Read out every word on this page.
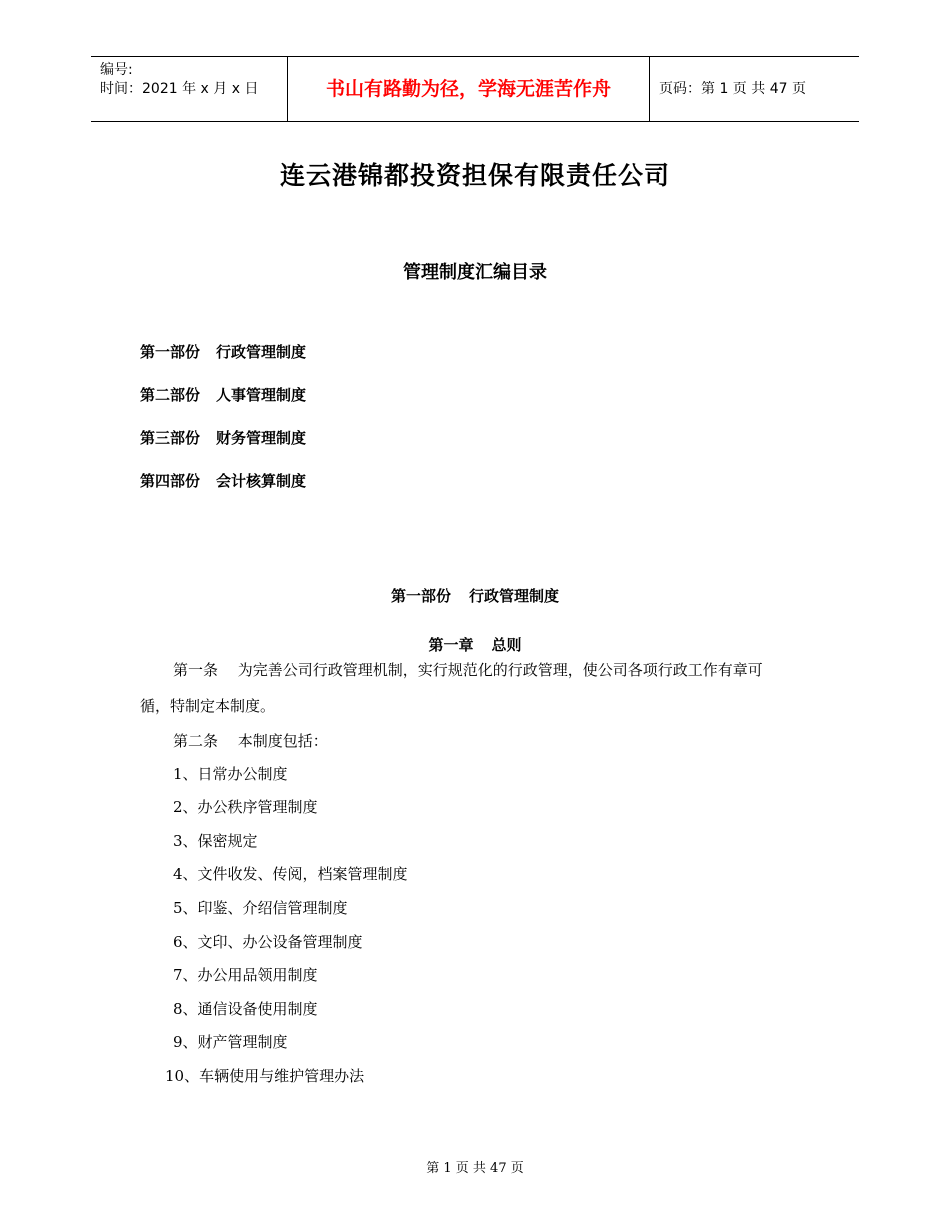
编号:
时间：2021 年 x 月 x 日	书山有路勤为径，学海无涯苦作舟	页码：第 1 页 共 47 页
连云港锦都投资担保有限责任公司
管理制度汇编目录
第一部份 行政管理制度
第二部份 人事管理制度
第三部份 财务管理制度
第四部份 会计核算制度
第一部份 行政管理制度
第一章 总则
第一条　 为完善公司行政管理机制，实行规范化的行政管理，使公司各项行政工作有章可
循，特制定本制度。
第二条　 本制度包括：
1、日常办公制度
2、办公秩序管理制度
3、保密规定
4、文件收发、传阅，档案管理制度
5、印鉴、介绍信管理制度
6、文印、办公设备管理制度
7、办公用品领用制度
8、通信设备使用制度
9、财产管理制度
10、车辆使用与维护管理办法
第 1 页 共 47 页
